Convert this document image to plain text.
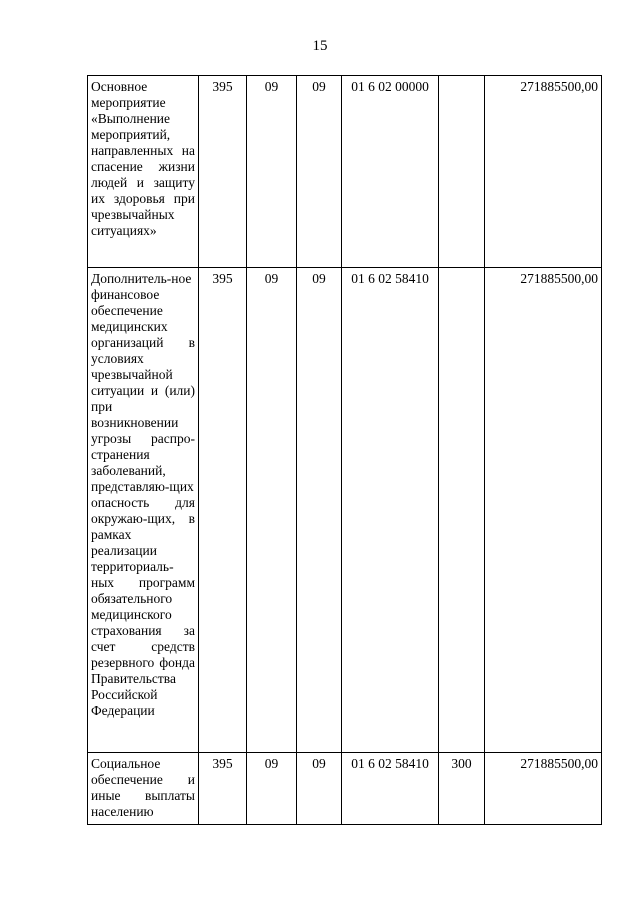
15
Основное мероприятие «Выполнение мероприятий, направленных на спасение жизни людей и защиту их здоровья при чрезвычайных ситуациях»	395	09	09	01 6 02 00000		271885500,00
Дополнитель-ное финансовое обеспечение медицинских организаций в условиях чрезвычайной ситуации и (или) при возникновении угрозы распро-странения заболеваний, представляю-щих опасность для окружаю-щих, в рамках реализации территориаль-ных программ обязательного медицинского страхования за счет средств резервного фонда Правительства Российской Федерации	395	09	09	01 6 02 58410		271885500,00
Социальное обеспечение и иные выплаты населению	395	09	09	01 6 02 58410	300	271885500,00
